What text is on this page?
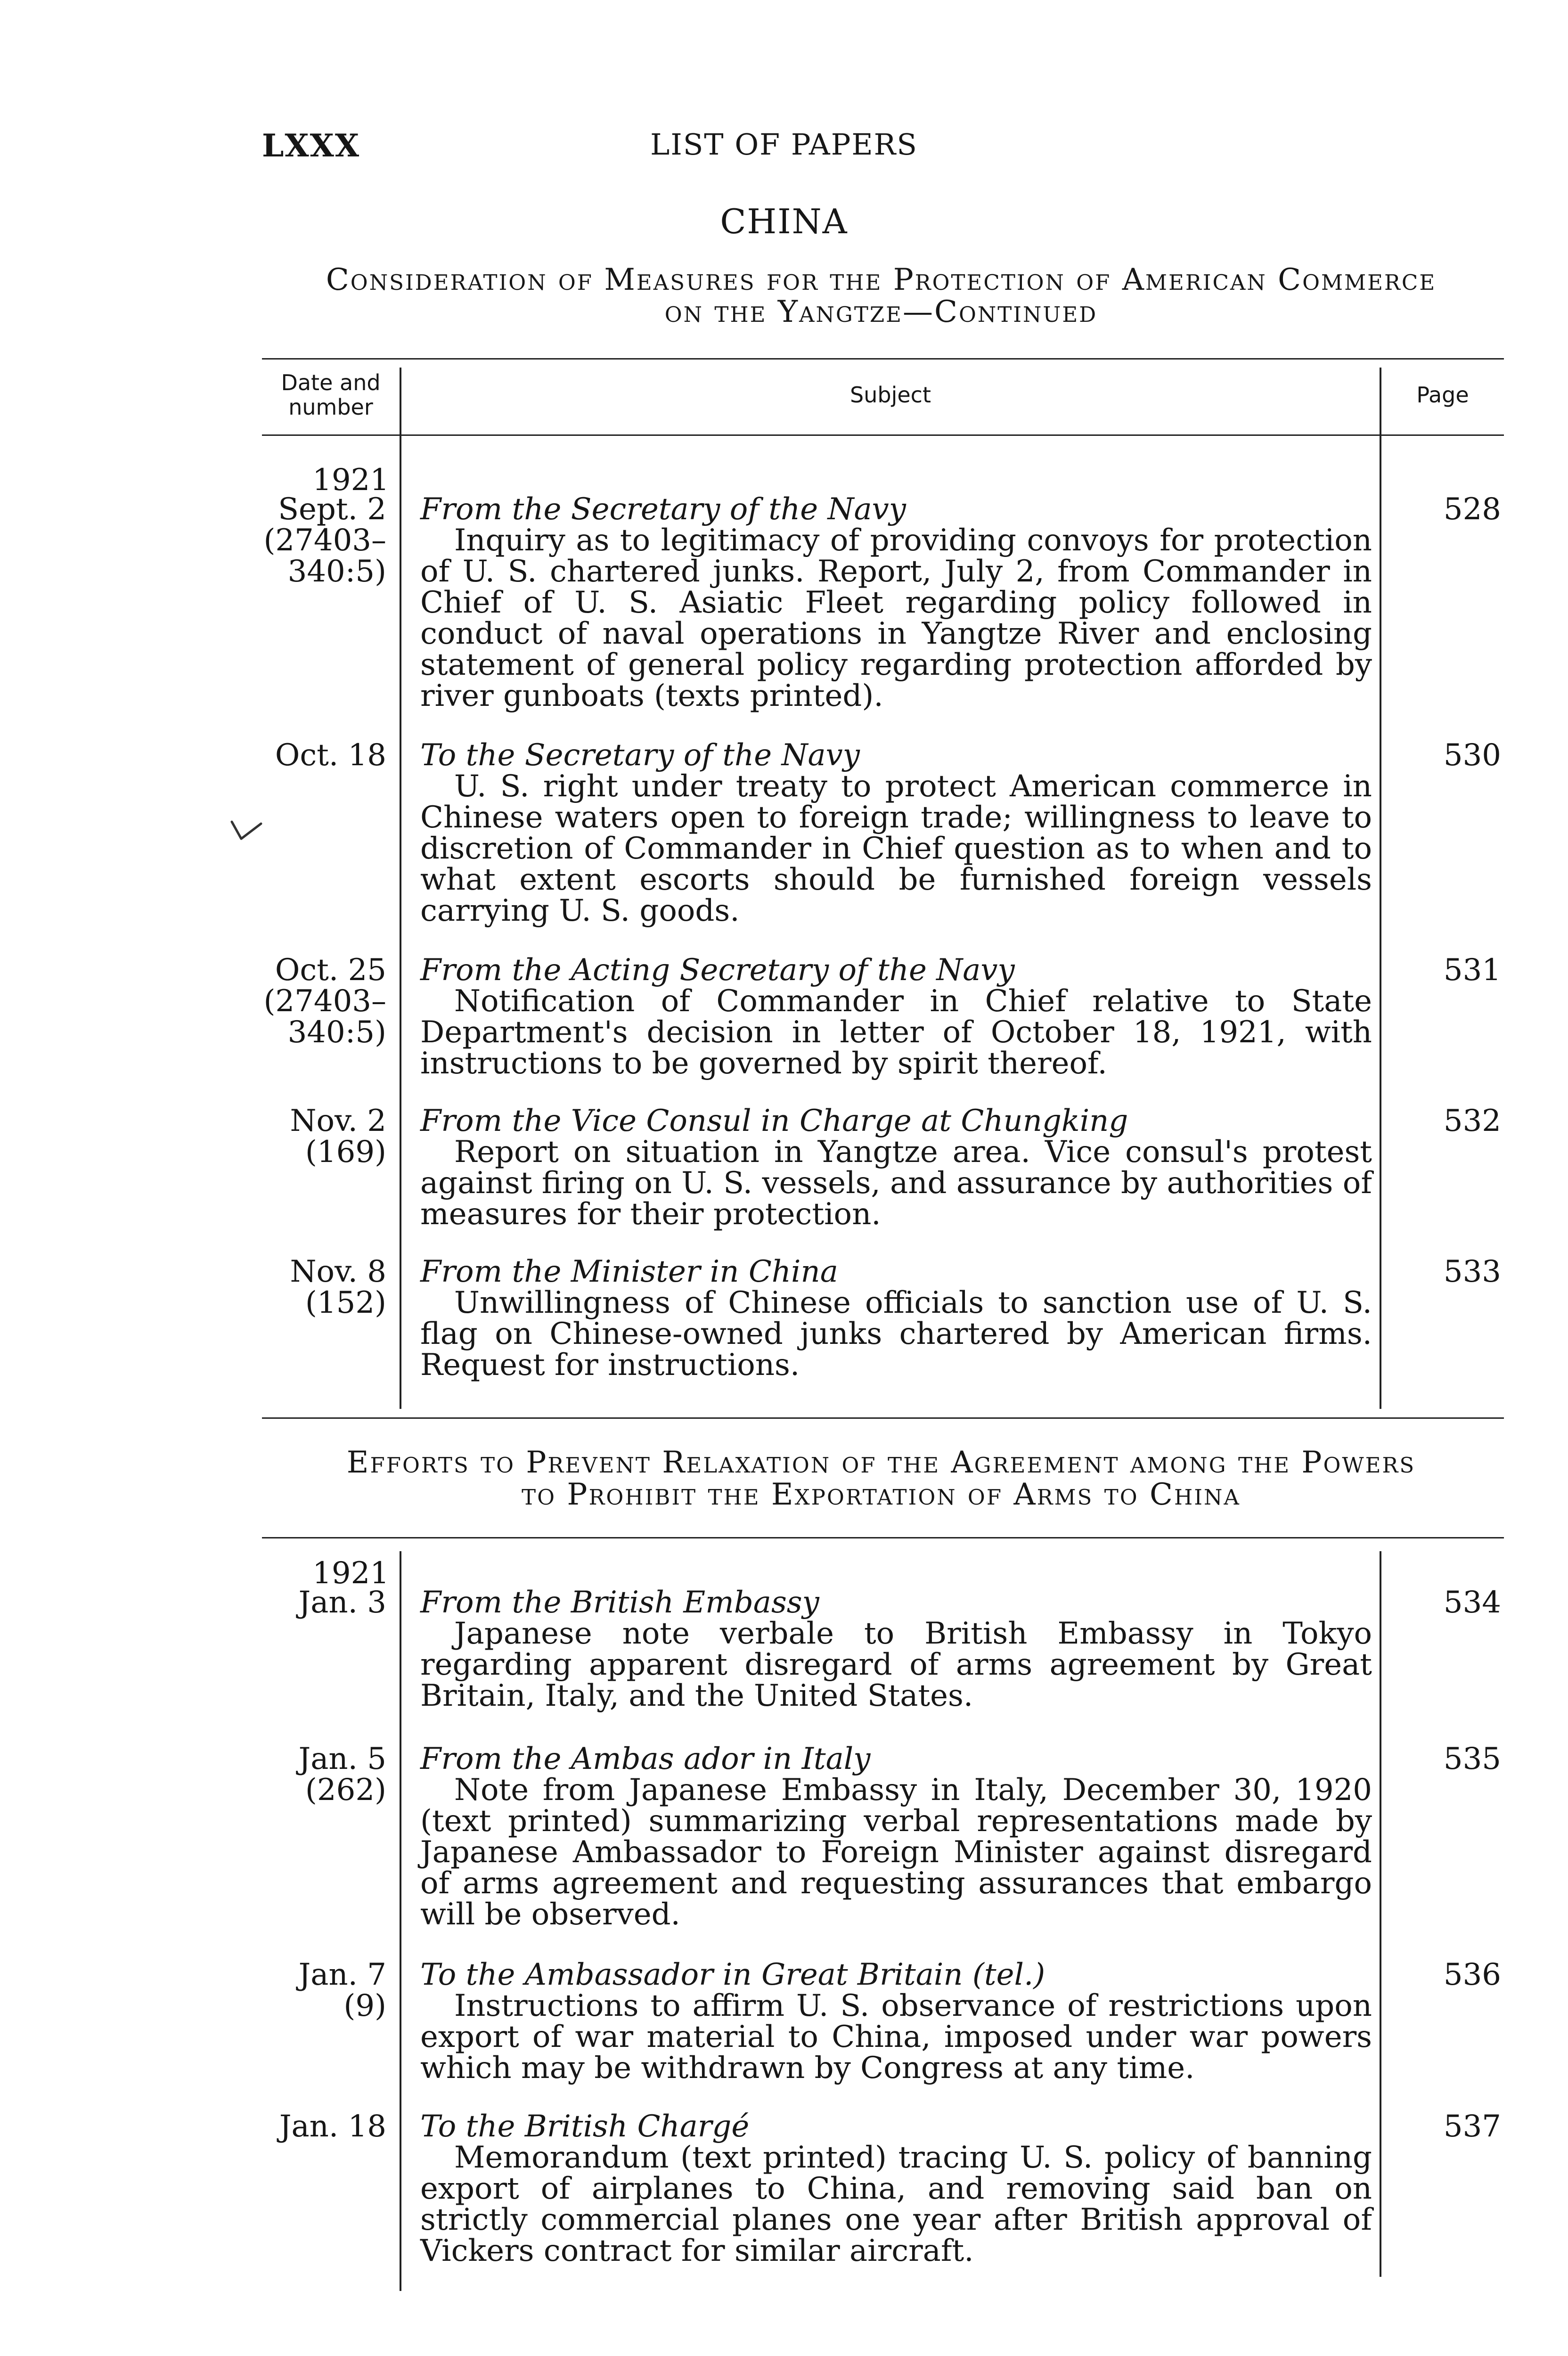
LXXX	LIST OF PAPERS
CHINA
Consideration of Measures for the Protection of American Commerce
on the Yangtze—Continued
Date and number	Subject	Page
1921
Sept. 2
(27403–
340:5)
From the Secretary of the Navy
Inquiry as to legitimacy of providing convoys for protection of U. S. chartered junks. Report, July 2, from Commander in Chief of U. S. Asiatic Fleet regarding policy followed in conduct of naval operations in Yangtze River and enclosing statement of general policy regarding protection afforded by river gunboats (texts printed).
528
Oct. 18 To the Secretary of the Navy
U. S. right under treaty to protect American commerce in Chinese waters open to foreign trade; willingness to leave to discretion of Commander in Chief question as to when and to what extent escorts should be furnished foreign vessels carrying U. S. goods.
530
Oct. 25
(27403–
340:5)
From the Acting Secretary of the Navy
Notification of Commander in Chief relative to State Department's decision in letter of October 18, 1921, with instructions to be governed by spirit thereof.
531
Nov. 2
(169)
From the Vice Consul in Charge at Chungking
Report on situation in Yangtze area. Vice consul's protest against firing on U. S. vessels, and assurance by authorities of measures for their protection.
532
Nov. 8
(152)
From the Minister in China
Unwillingness of Chinese officials to sanction use of U. S. flag on Chinese-owned junks chartered by American firms. Request for instructions.
533
Efforts to Prevent Relaxation of the Agreement among the Powers
to Prohibit the Exportation of Arms to China
1921
Jan. 3 From the British Embassy
Japanese note verbale to British Embassy in Tokyo regarding apparent disregard of arms agreement by Great Britain, Italy, and the United States.
534
Jan. 5
(262)
From the Ambas ador in Italy
Note from Japanese Embassy in Italy, December 30, 1920 (text printed) summarizing verbal representations made by Japanese Ambassador to Foreign Minister against disregard of arms agreement and requesting assurances that embargo will be observed.
535
Jan. 7
(9)
To the Ambassador in Great Britain (tel.)
Instructions to affirm U. S. observance of restrictions upon export of war material to China, imposed under war powers which may be withdrawn by Congress at any time.
536
Jan. 18 To the British Chargé
Memorandum (text printed) tracing U. S. policy of banning export of airplanes to China, and removing said ban on strictly commercial planes one year after British approval of Vickers contract for similar aircraft.
537
